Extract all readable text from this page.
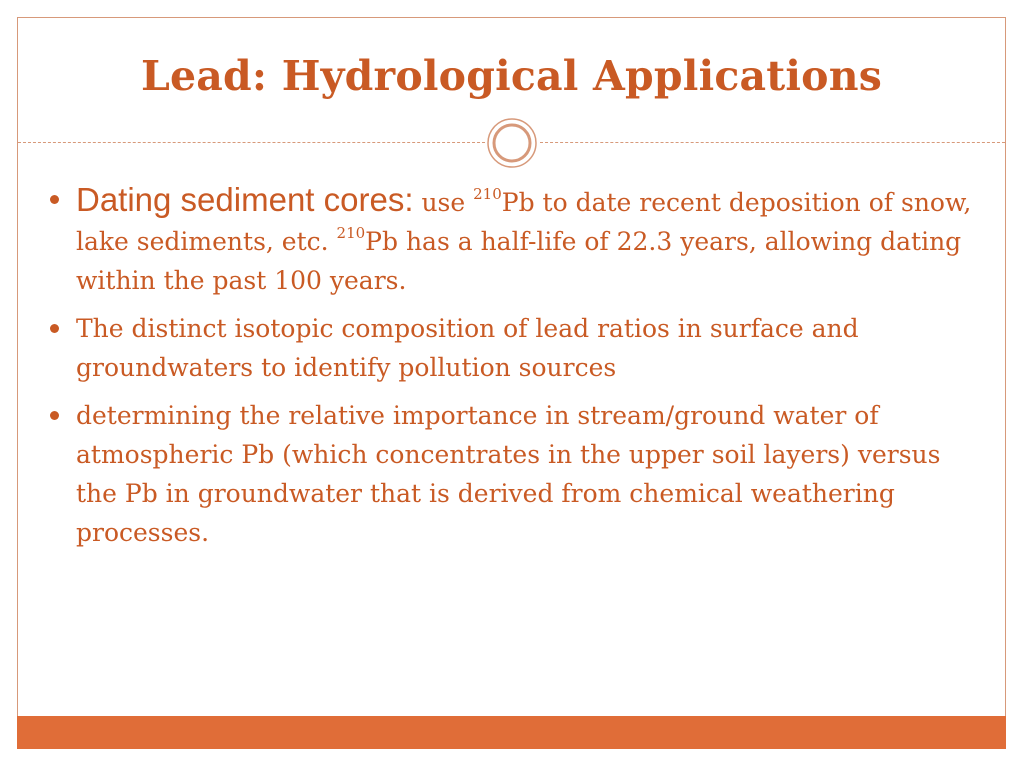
Lead: Hydrological Applications
Dating sediment cores: use $^{210}$Pb to date recent deposition of snow, lake sediments, etc. $^{210}$Pb has a half-life of 22.3 years, allowing dating within the past 100 years.
The distinct isotopic composition of lead ratios in surface and groundwaters to identify pollution sources
determining the relative importance in stream/ground water of atmospheric Pb (which concentrates in the upper soil layers) versus the Pb in groundwater that is derived from chemical weathering processes.
